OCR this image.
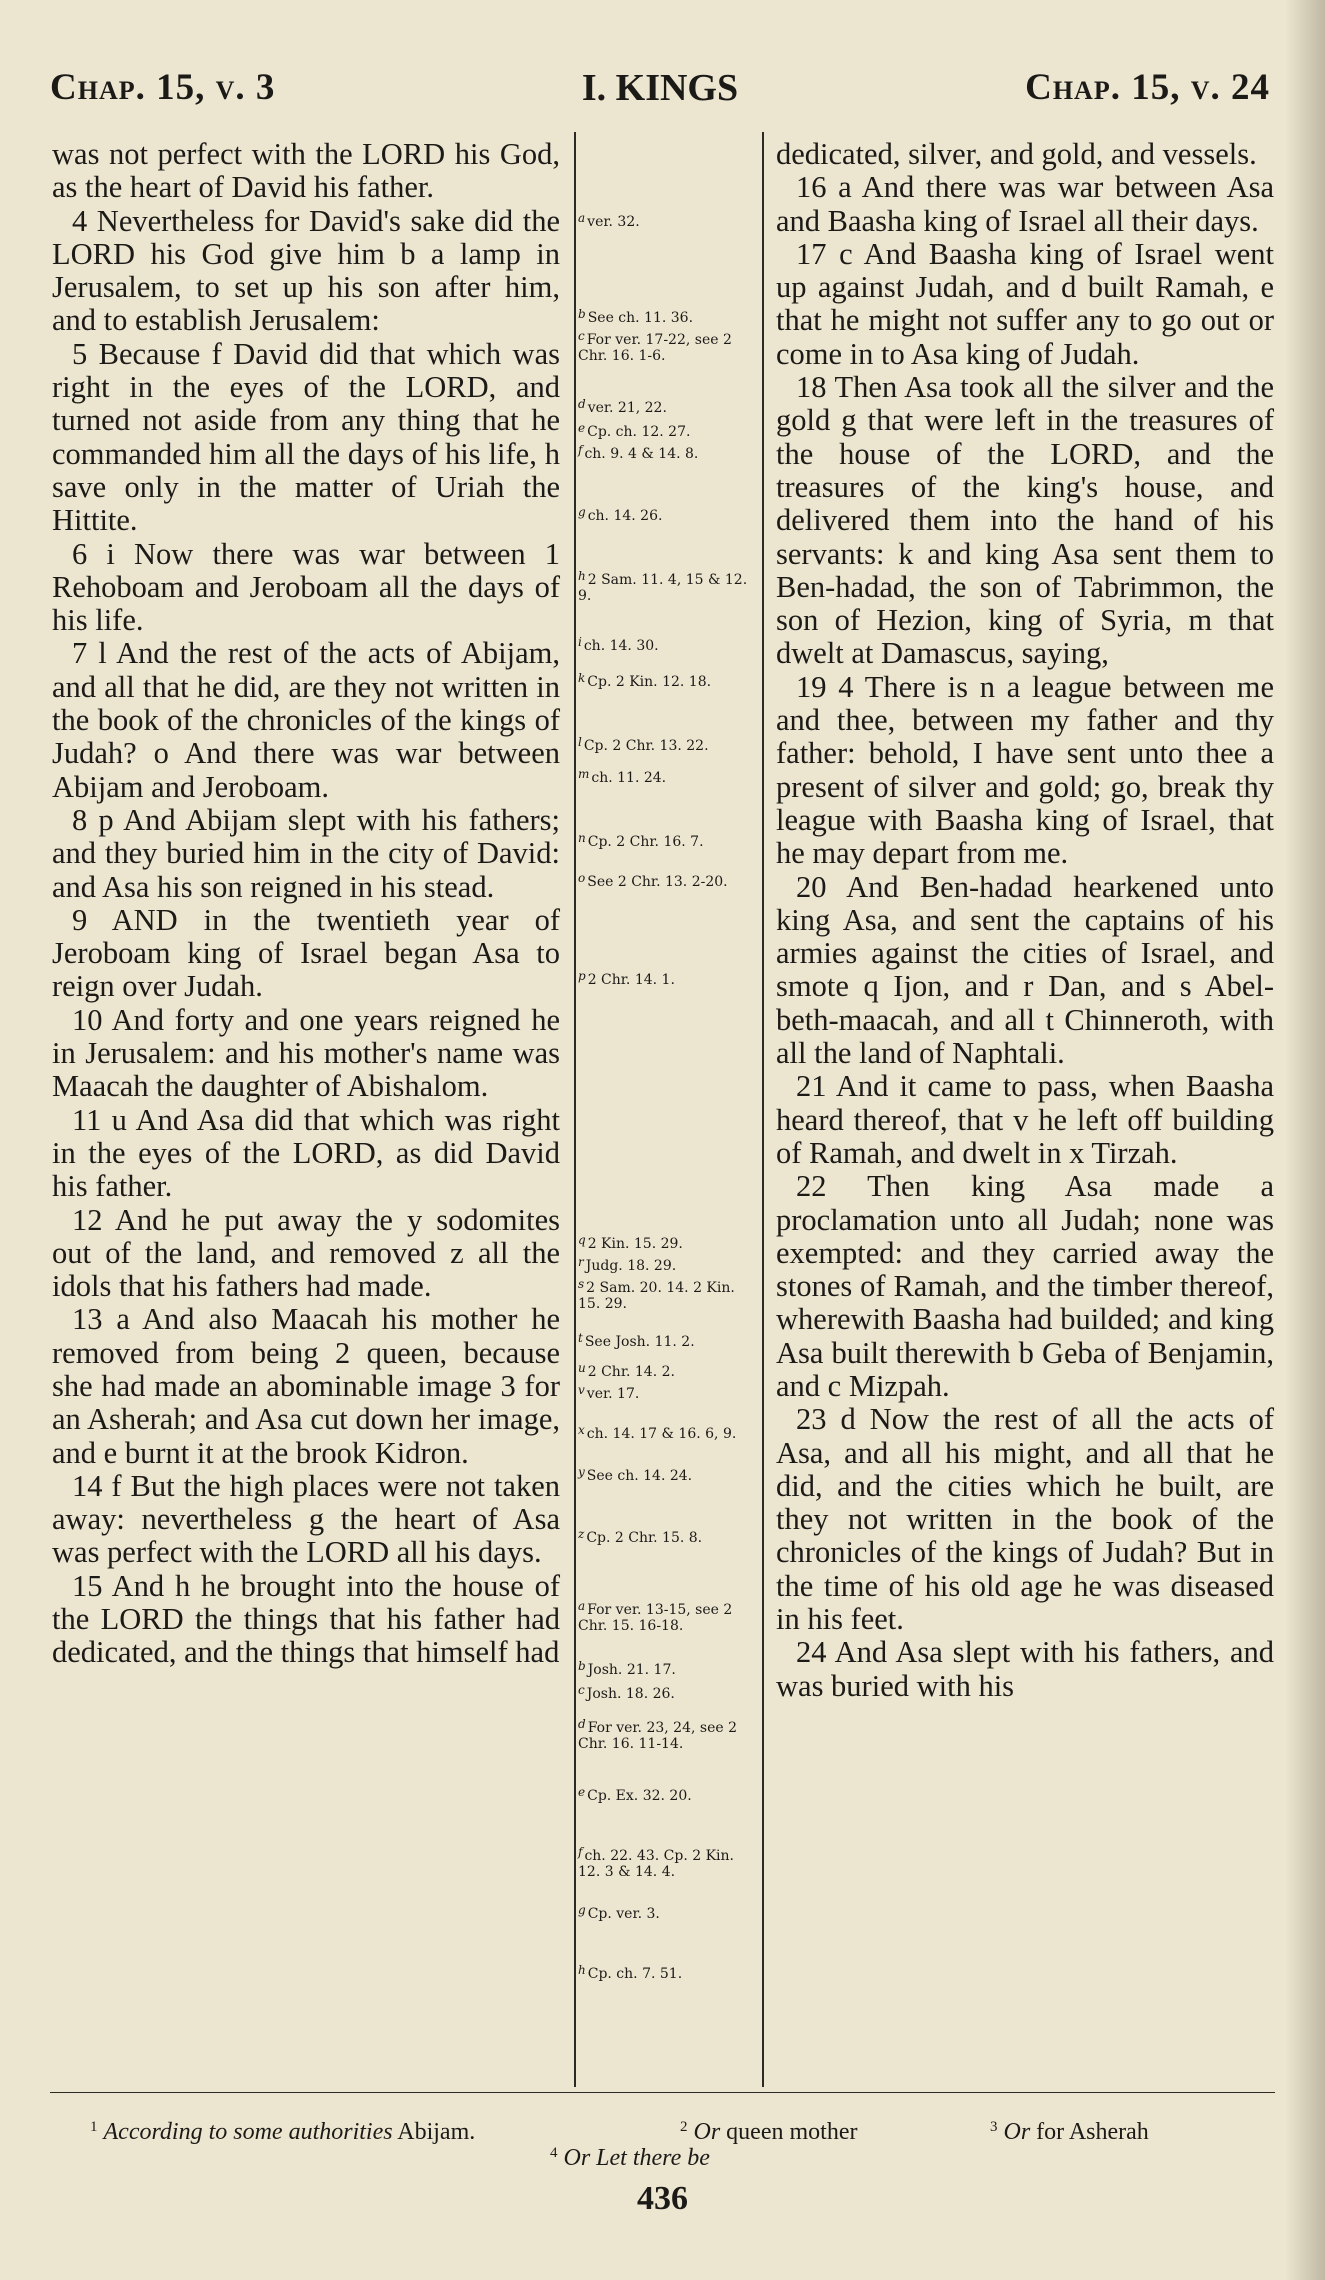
Chap. 15, v. 3	I. KINGS	Chap. 15, v. 24

was not perfect with the LORD his God, as the heart of David his father.

4 Nevertheless for David's sake did the LORD his God give him b a lamp in Jerusalem, to set up his son after him, and to establish Jerusalem:

5 Because f David did that which was right in the eyes of the LORD, and turned not aside from any thing that he commanded him all the days of his life, h save only in the matter of Uriah the Hittite.

6 i Now there was war between 1 Rehoboam and Jeroboam all the days of his life.

7 l And the rest of the acts of Abijam, and all that he did, are they not written in the book of the chronicles of the kings of Judah? o And there was war between Abijam and Jeroboam.

8 p And Abijam slept with his fathers; and they buried him in the city of David: and Asa his son reigned in his stead.

9 AND in the twentieth year of Jeroboam king of Israel began Asa to reign over Judah.

10 And forty and one years reigned he in Jerusalem: and his mother's name was Maacah the daughter of Abishalom.

11 u And Asa did that which was right in the eyes of the LORD, as did David his father.

12 And he put away the y sodomites out of the land, and removed z all the idols that his fathers had made.

13 a And also Maacah his mother he removed from being 2 queen, because she had made an abominable image 3 for an Asherah; and Asa cut down her image, and e burnt it at the brook Kidron.

14 f But the high places were not taken away: nevertheless g the heart of Asa was perfect with the LORD all his days.

15 And h he brought into the house of the LORD the things that his father had dedicated, and the things that himself had

dedicated, silver, and gold, and vessels.

16 a And there was war between Asa and Baasha king of Israel all their days.

17 c And Baasha king of Israel went up against Judah, and d built Ramah, e that he might not suffer any to go out or come in to Asa king of Judah.

18 Then Asa took all the silver and the gold g that were left in the treasures of the house of the LORD, and the treasures of the king's house, and delivered them into the hand of his servants: k and king Asa sent them to Ben-hadad, the son of Tabrimmon, the son of Hezion, king of Syria, m that dwelt at Damascus, saying,

19 4 There is n a league between me and thee, between my father and thy father: behold, I have sent unto thee a present of silver and gold; go, break thy league with Baasha king of Israel, that he may depart from me.

20 And Ben-hadad hearkened unto king Asa, and sent the captains of his armies against the cities of Israel, and smote q Ijon, and r Dan, and s Abel-beth-maacah, and all t Chinneroth, with all the land of Naphtali.

21 And it came to pass, when Baasha heard thereof, that v he left off building of Ramah, and dwelt in x Tirzah.

22 Then king Asa made a proclamation unto all Judah; none was exempted: and they carried away the stones of Ramah, and the timber thereof, wherewith Baasha had builded; and king Asa built therewith b Geba of Benjamin, and c Mizpah.

23 d Now the rest of all the acts of Asa, and all his might, and all that he did, and the cities which he built, are they not written in the book of the chronicles of the kings of Judah? But in the time of his old age he was diseased in his feet.

24 And Asa slept with his fathers, and was buried with his

a ver. 32.
b See ch. 11. 36.
c For ver. 17-22, see 2 Chr. 16. 1-6.
d ver. 21, 22.
e Cp. ch. 12. 27.
f ch. 9. 4 & 14. 8.
g ch. 14. 26.
h 2 Sam. 11. 4, 15 & 12. 9.
i ch. 14. 30.
k Cp. 2 Kin. 12. 18.
l Cp. 2 Chr. 13. 22.
m ch. 11. 24.
n Cp. 2 Chr. 16. 7.
o See 2 Chr. 13. 2-20.
p 2 Chr. 14. 1.
q 2 Kin. 15. 29.
r Judg. 18. 29.
s 2 Sam. 20. 14. 2 Kin. 15. 29.
t See Josh. 11. 2.
u 2 Chr. 14. 2.
v ver. 17.
x ch. 14. 17 & 16. 6, 9.
y See ch. 14. 24.
z Cp. 2 Chr. 15. 8.
a For ver. 13-15, see 2 Chr. 15. 16-18.
b Josh. 21. 17.
c Josh. 18. 26.
d For ver. 23, 24, see 2 Chr. 16. 11-14.
e Cp. Ex. 32. 20.
f ch. 22. 43. Cp. 2 Kin. 12. 3 & 14. 4.
g Cp. ver. 3.
h Cp. ch. 7. 51.
$^1$ According to some authorities Abijam.	$^2$ Or queen mother	$^3$ Or for Asherah
$^4$ Or Let there be
436
